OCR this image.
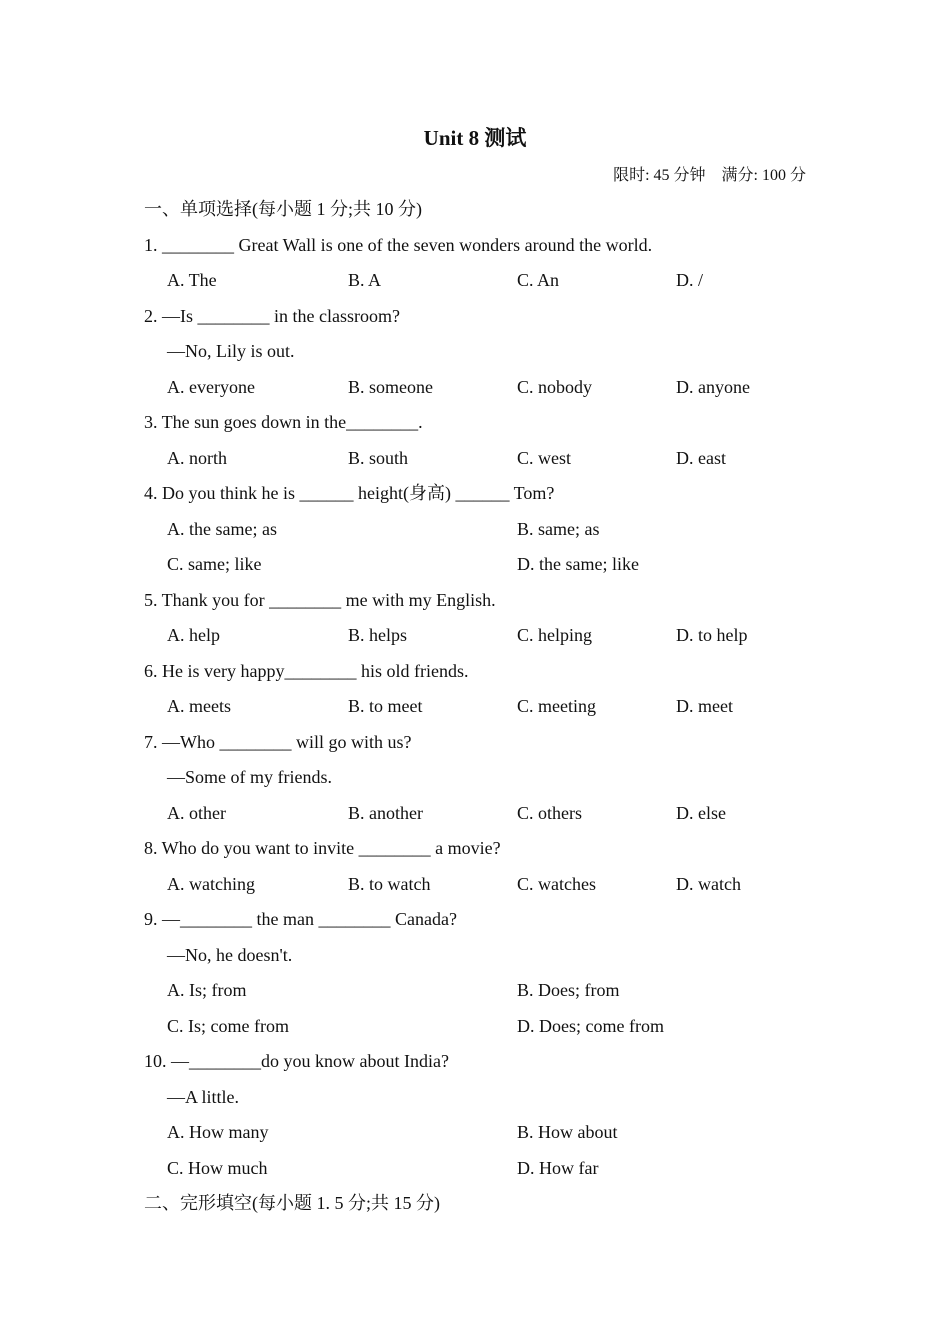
Unit 8 测试
限时: 45 分钟 满分: 100 分
一、单项选择(每小题 1 分;共 10 分)
1. ________ Great Wall is one of the seven wonders around the world.
A. The	B. A	C. An	D. /
2. —Is ________ in the classroom?
—No, Lily is out.
A. everyone	B. someone	C. nobody	D. anyone
3. The sun goes down in the________.
A. north	B. south	C. west	D. east
4. Do you think he is ______ height(身高) ______ Tom?
A. the same; as	B. same; as
C. same; like	D. the same; like
5. Thank you for ________ me with my English.
A. help	B. helps	C. helping	D. to help
6. He is very happy________ his old friends.
A. meets	B. to meet	C. meeting	D. meet
7. —Who ________ will go with us?
—Some of my friends.
A. other	B. another	C. others	D. else
8. Who do you want to invite ________ a movie?
A. watching	B. to watch	C. watches	D. watch
9. —________ the man ________ Canada?
—No, he doesn't.
A. Is; from	B. Does; from
C. Is; come from	D. Does; come from
10. —________do you know about India?
—A little.
A. How many	B. How about
C. How much	D. How far
二、完形填空(每小题 1. 5 分;共 15 分)
